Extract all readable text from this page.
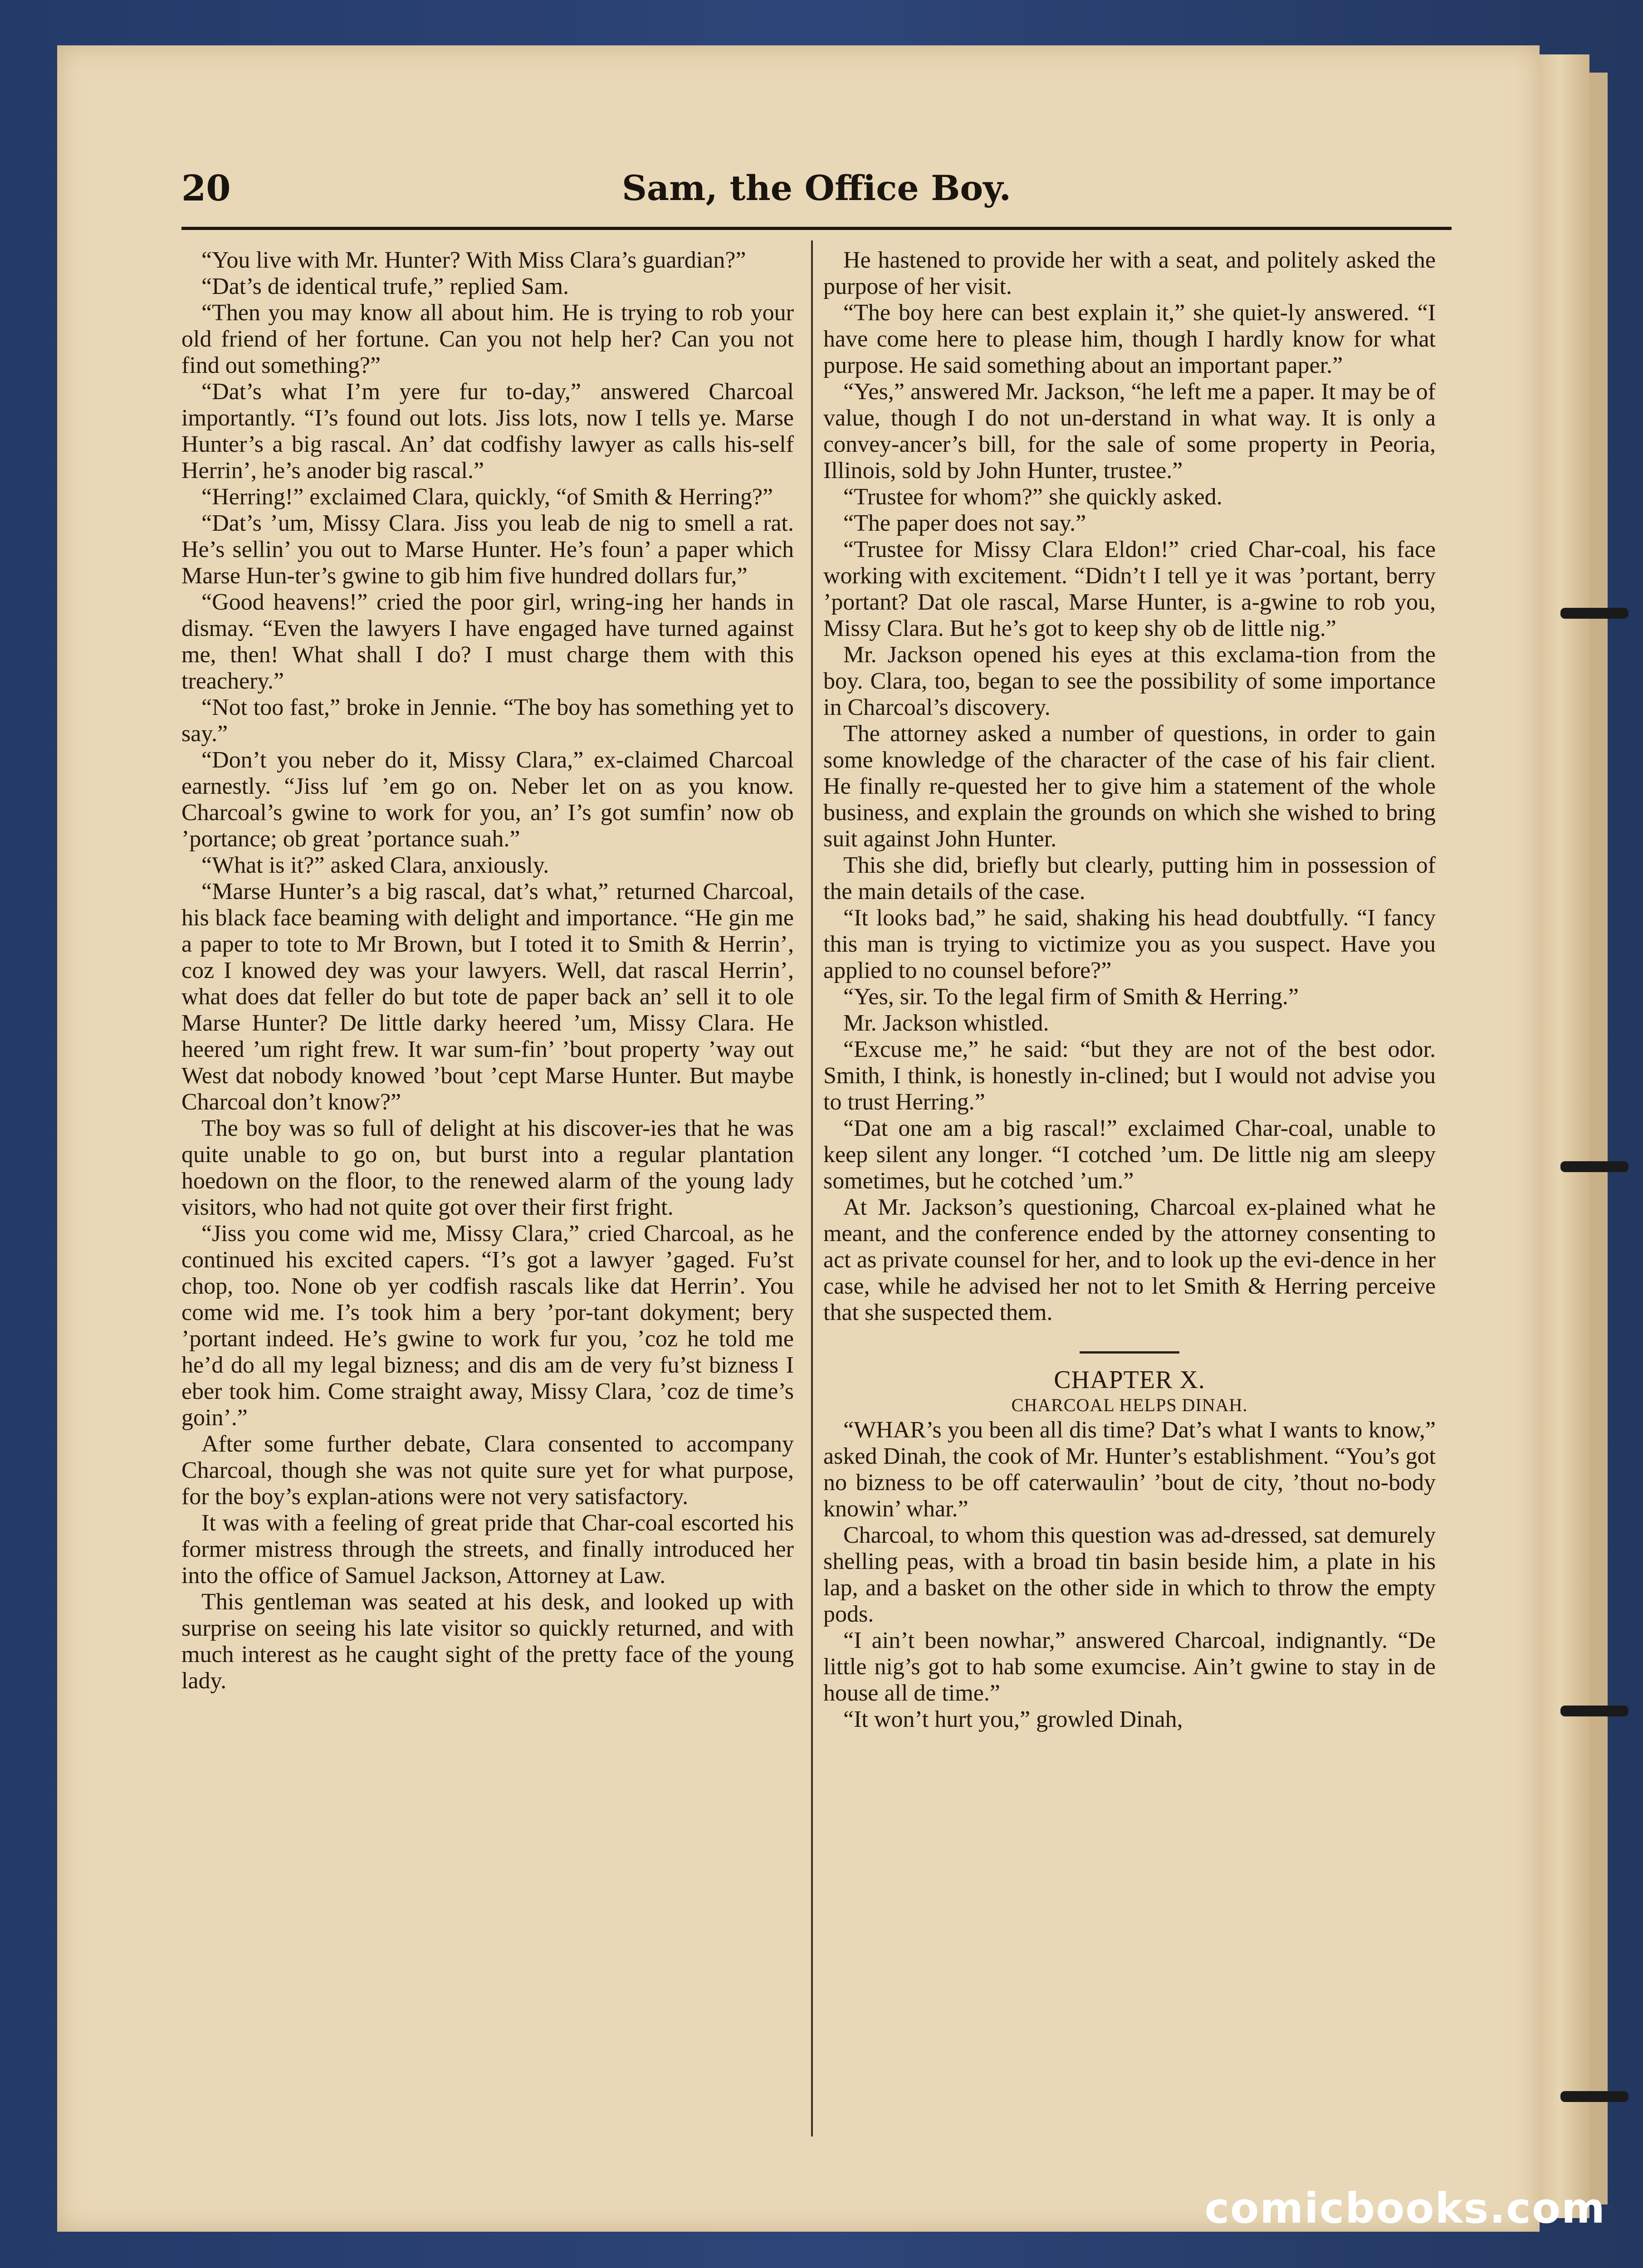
20	Sam, the Office Boy.

“You live with Mr. Hunter? With Miss Clara’s guardian?”

“Dat’s de identical trufe,” replied Sam.

“Then you may know all about him. He is trying to rob your old friend of her fortune. Can you not help her? Can you not find out something?”

“Dat’s what I’m yere fur to-day,” answered Charcoal importantly. “I’s found out lots. Jiss lots, now I tells ye. Marse Hunter’s a big rascal. An’ dat codfishy lawyer as calls his-self Herrin’, he’s anoder big rascal.”

“Herring!” exclaimed Clara, quickly, “of Smith & Herring?”

“Dat’s ’um, Missy Clara. Jiss you leab de nig to smell a rat. He’s sellin’ you out to Marse Hunter. He’s foun’ a paper which Marse Hun-ter’s gwine to gib him five hundred dollars fur,”

“Good heavens!” cried the poor girl, wring-ing her hands in dismay. “Even the lawyers I have engaged have turned against me, then! What shall I do? I must charge them with this treachery.”

“Not too fast,” broke in Jennie. “The boy has something yet to say.”

“Don’t you neber do it, Missy Clara,” ex-claimed Charcoal earnestly. “Jiss luf ’em go on. Neber let on as you know. Charcoal’s gwine to work for you, an’ I’s got sumfin’ now ob ’portance; ob great ’portance suah.”

“What is it?” asked Clara, anxiously.

“Marse Hunter’s a big rascal, dat’s what,” returned Charcoal, his black face beaming with delight and importance. “He gin me a paper to tote to Mr Brown, but I toted it to Smith & Herrin’, coz I knowed dey was your lawyers. Well, dat rascal Herrin’, what does dat feller do but tote de paper back an’ sell it to ole Marse Hunter? De little darky heered ’um, Missy Clara. He heered ’um right frew. It war sum-fin’ ’bout property ’way out West dat nobody knowed ’bout ’cept Marse Hunter. But maybe Charcoal don’t know?”

The boy was so full of delight at his discover-ies that he was quite unable to go on, but burst into a regular plantation hoedown on the floor, to the renewed alarm of the young lady visitors, who had not quite got over their first fright.

“Jiss you come wid me, Missy Clara,” cried Charcoal, as he continued his excited capers. “I’s got a lawyer ’gaged. Fu’st chop, too. None ob yer codfish rascals like dat Herrin’. You come wid me. I’s took him a bery ’por-tant dokyment; bery ’portant indeed. He’s gwine to work fur you, ’coz he told me he’d do all my legal bizness; and dis am de very fu’st bizness I eber took him. Come straight away, Missy Clara, ’coz de time’s goin’.”

After some further debate, Clara consented to accompany Charcoal, though she was not quite sure yet for what purpose, for the boy’s explan-ations were not very satisfactory.

It was with a feeling of great pride that Char-coal escorted his former mistress through the streets, and finally introduced her into the office of Samuel Jackson, Attorney at Law.

This gentleman was seated at his desk, and looked up with surprise on seeing his late visitor so quickly returned, and with much interest as he caught sight of the pretty face of the young lady.

He hastened to provide her with a seat, and politely asked the purpose of her visit.

“The boy here can best explain it,” she quiet-ly answered. “I have come here to please him, though I hardly know for what purpose. He said something about an important paper.”

“Yes,” answered Mr. Jackson, “he left me a paper. It may be of value, though I do not un-derstand in what way. It is only a convey-ancer’s bill, for the sale of some property in Peoria, Illinois, sold by John Hunter, trustee.”

“Trustee for whom?” she quickly asked.

“The paper does not say.”

“Trustee for Missy Clara Eldon!” cried Char-coal, his face working with excitement. “Didn’t I tell ye it was ’portant, berry ’portant? Dat ole rascal, Marse Hunter, is a-gwine to rob you, Missy Clara. But he’s got to keep shy ob de little nig.”

Mr. Jackson opened his eyes at this exclama-tion from the boy. Clara, too, began to see the possibility of some importance in Charcoal’s discovery.

The attorney asked a number of questions, in order to gain some knowledge of the character of the case of his fair client. He finally re-quested her to give him a statement of the whole business, and explain the grounds on which she wished to bring suit against John Hunter.

This she did, briefly but clearly, putting him in possession of the main details of the case.

“It looks bad,” he said, shaking his head doubtfully. “I fancy this man is trying to victimize you as you suspect. Have you applied to no counsel before?”

“Yes, sir. To the legal firm of Smith & Herring.”

Mr. Jackson whistled.

“Excuse me,” he said: “but they are not of the best odor. Smith, I think, is honestly in-clined; but I would not advise you to trust Herring.”

“Dat one am a big rascal!” exclaimed Char-coal, unable to keep silent any longer. “I cotched ’um. De little nig am sleepy sometimes, but he cotched ’um.”

At Mr. Jackson’s questioning, Charcoal ex-plained what he meant, and the conference ended by the attorney consenting to act as private counsel for her, and to look up the evi-dence in her case, while he advised her not to let Smith & Herring perceive that she suspected them.

CHAPTER X.
CHARCOAL HELPS DINAH.

“WHAR’s you been all dis time? Dat’s what I wants to know,” asked Dinah, the cook of Mr. Hunter’s establishment. “You’s got no bizness to be off caterwaulin’ ’bout de city, ’thout no-body knowin’ whar.”

Charcoal, to whom this question was ad-dressed, sat demurely shelling peas, with a broad tin basin beside him, a plate in his lap, and a basket on the other side in which to throw the empty pods.

“I ain’t been nowhar,” answered Charcoal, indignantly. “De little nig’s got to hab some exumcise. Ain’t gwine to stay in de house all de time.”

“It won’t hurt you,” growled Dinah,

comicbooks.com
